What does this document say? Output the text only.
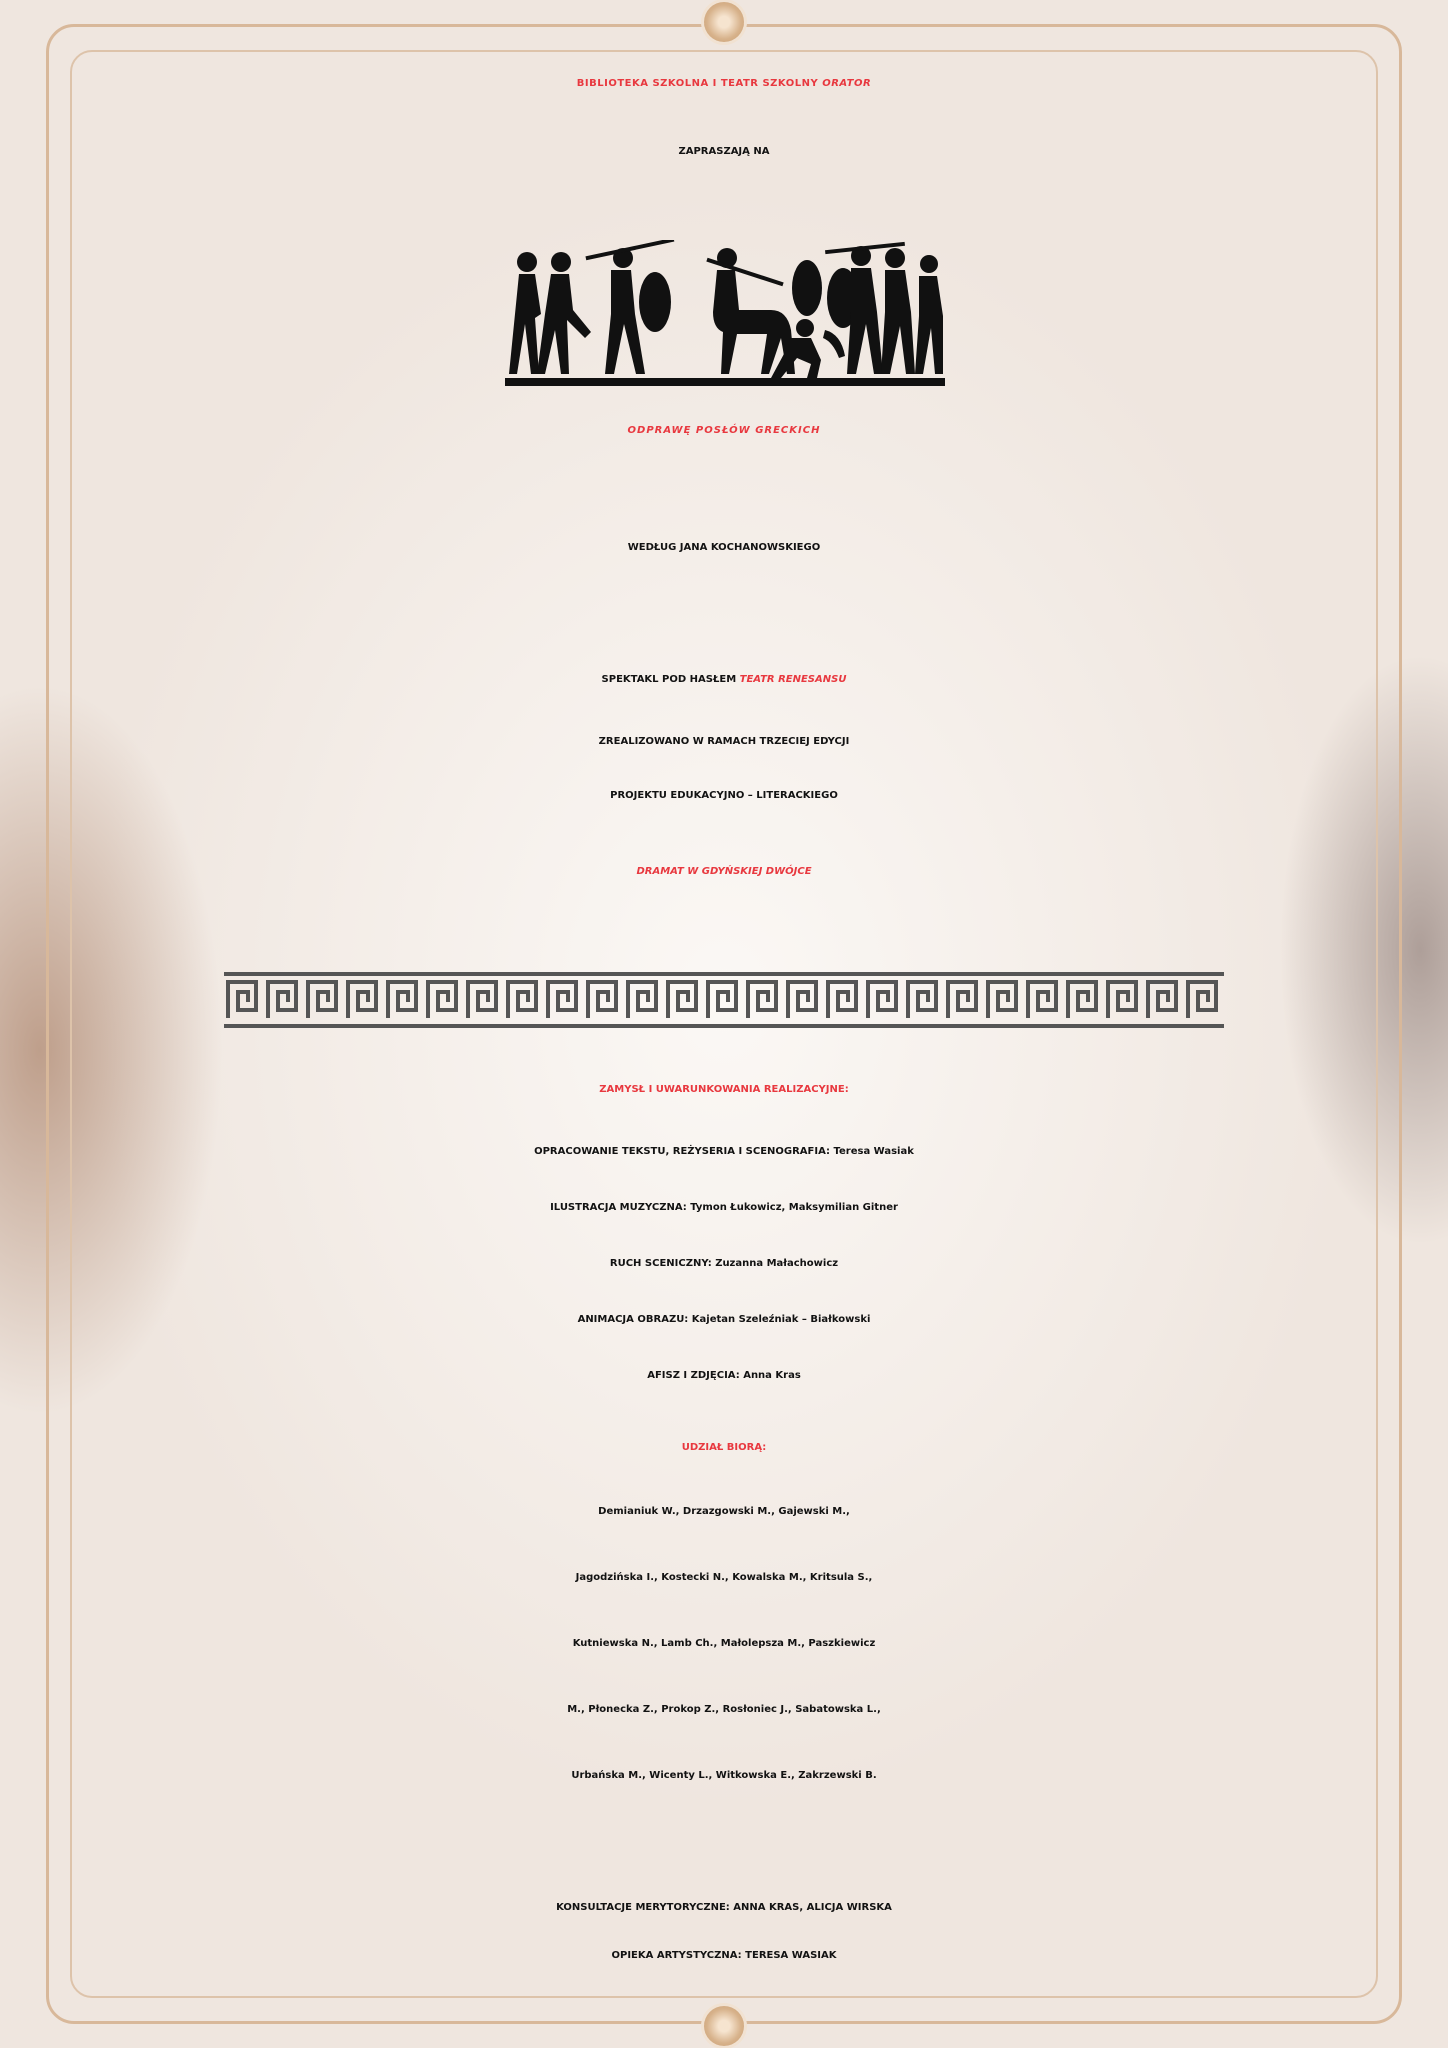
BIBLIOTEKA SZKOLNA I TEATR SZKOLNY ORATOR
ZAPRASZAJĄ NA
ODPRAWĘ POSŁÓW GRECKICH
WEDŁUG JANA KOCHANOWSKIEGO
SPEKTAKL POD HASŁEM TEATR RENESANSU
ZREALIZOWANO W RAMACH TRZECIEJ EDYCJI
PROJEKTU EDUKACYJNO – LITERACKIEGO
DRAMAT W GDYŃSKIEJ DWÓJCE
ZAMYSŁ I UWARUNKOWANIA REALIZACYJNE:
OPRACOWANIE TEKSTU, REŻYSERIA I SCENOGRAFIA: Teresa Wasiak
ILUSTRACJA MUZYCZNA: Tymon Łukowicz, Maksymilian Gitner
RUCH SCENICZNY: Zuzanna Małachowicz
ANIMACJA OBRAZU: Kajetan Szeleźniak – Białkowski
AFISZ I ZDJĘCIA: Anna Kras
UDZIAŁ BIORĄ:
Demianiuk W., Drzazgowski M., Gajewski M.,
Jagodzińska I., Kostecki N., Kowalska M., Kritsula S.,
Kutniewska N., Lamb Ch., Małolepsza M., Paszkiewicz
M., Płonecka Z., Prokop Z., Rosłoniec J., Sabatowska L.,
Urbańska M., Wicenty L., Witkowska E., Zakrzewski B.
KONSULTACJE MERYTORYCZNE: ANNA KRAS, ALICJA WIRSKA
OPIEKA ARTYSTYCZNA: TERESA WASIAK
